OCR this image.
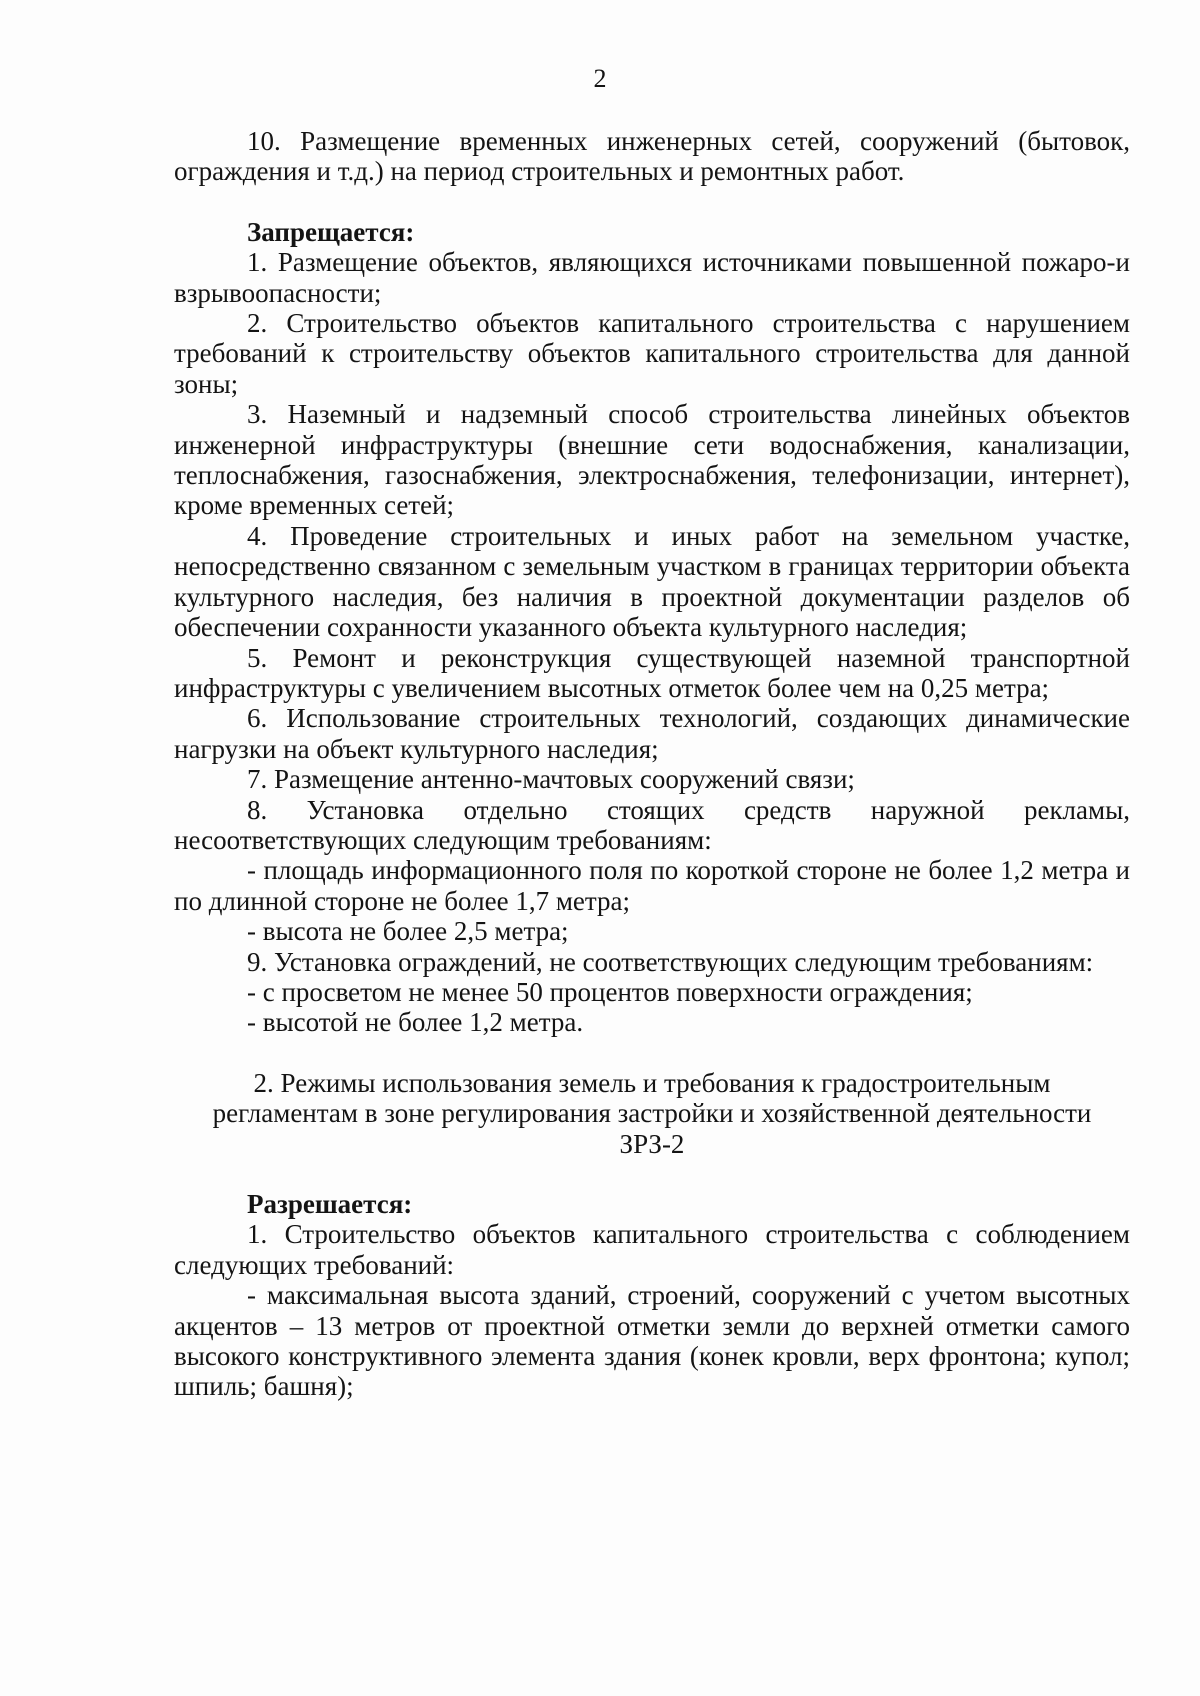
2

10. Размещение временных инженерных сетей, сооружений (бытовок, ограждения и т.д.) на период строительных и ремонтных работ.

Запрещается:

1. Размещение объектов, являющихся источниками повышенной пожаро-и взрывоопасности;

2. Строительство объектов капитального строительства с нарушением требований к строительству объектов капитального строительства для данной зоны;

3. Наземный и надземный способ строительства линейных объектов инженерной инфраструктуры (внешние сети водоснабжения, канализации, теплоснабжения, газоснабжения, электроснабжения, телефонизации, интернет), кроме временных сетей;

4. Проведение строительных и иных работ на земельном участке, непосредственно связанном с земельным участком в границах территории объекта культурного наследия, без наличия в проектной документации разделов об обеспечении сохранности указанного объекта культурного наследия;

5. Ремонт и реконструкция существующей наземной транспортной инфраструктуры с увеличением высотных отметок более чем на 0,25 метра;

6. Использование строительных технологий, создающих динамические нагрузки на объект культурного наследия;

7. Размещение антенно-мачтовых сооружений связи;

8. Установка отдельно стоящих средств наружной рекламы, несоответствующих следующим требованиям:

- площадь информационного поля по короткой стороне не более 1,2 метра и по длинной стороне не более 1,7 метра;

- высота не более 2,5 метра;

9. Установка ограждений, не соответствующих следующим требованиям:

- с просветом не менее 50 процентов поверхности ограждения;

- высотой не более 1,2 метра.

2. Режимы использования земель и требования к градостроительным регламентам в зоне регулирования застройки и хозяйственной деятельности ЗРЗ-2

Разрешается:

1. Строительство объектов капитального строительства с соблюдением следующих требований:

- максимальная высота зданий, строений, сооружений с учетом высотных акцентов – 13 метров от проектной отметки земли до верхней отметки самого высокого конструктивного элемента здания (конек кровли, верх фронтона; купол; шпиль; башня);
